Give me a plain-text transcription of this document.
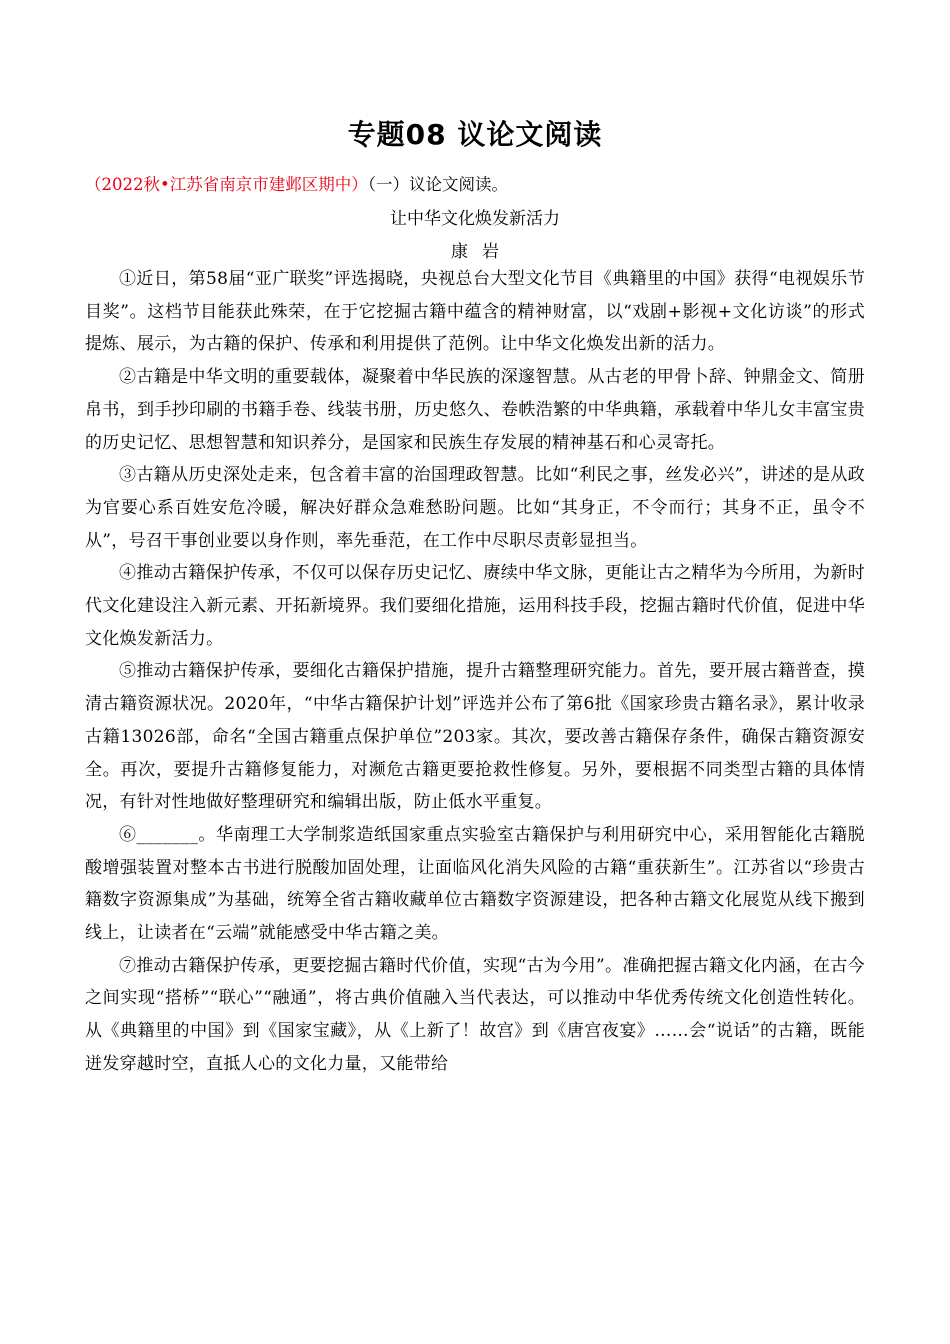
专题08 议论文阅读
（2022秋•江苏省南京市建邺区期中）（一）议论文阅读。
让中华文化焕发新活力
康岩

①近日，第58届“亚广联奖”评选揭晓，央视总台大型文化节目《典籍里的中国》获得“电视娱乐节目奖”。这档节目能获此殊荣，在于它挖掘古籍中蕴含的精神财富，以“戏剧+影视+文化访谈”的形式提炼、展示，为古籍的保护、传承和利用提供了范例。让中华文化焕发出新的活力。

②古籍是中华文明的重要载体，凝聚着中华民族的深邃智慧。从古老的甲骨卜辞、钟鼎金文、简册帛书，到手抄印刷的书籍手卷、线装书册，历史悠久、卷帙浩繁的中华典籍，承载着中华儿女丰富宝贵的历史记忆、思想智慧和知识养分，是国家和民族生存发展的精神基石和心灵寄托。

③古籍从历史深处走来，包含着丰富的治国理政智慧。比如“利民之事，丝发必兴”，讲述的是从政为官要心系百姓安危冷暖，解决好群众急难愁盼问题。比如“其身正，不令而行；其身不正，虽令不从”，号召干事创业要以身作则，率先垂范，在工作中尽职尽责彰显担当。

④推动古籍保护传承，不仅可以保存历史记忆、赓续中华文脉，更能让古之精华为今所用，为新时代文化建设注入新元素、开拓新境界。我们要细化措施，运用科技手段，挖掘古籍时代价值，促进中华文化焕发新活力。

⑤推动古籍保护传承，要细化古籍保护措施，提升古籍整理研究能力。首先，要开展古籍普查，摸清古籍资源状况。2020年，“中华古籍保护计划”评选并公布了第6批《国家珍贵古籍名录》，累计收录古籍13026部，命名“全国古籍重点保护单位”203家。其次，要改善古籍保存条件，确保古籍资源安全。再次，要提升古籍修复能力，对濒危古籍更要抢救性修复。另外，要根据不同类型古籍的具体情况，有针对性地做好整理研究和编辑出版，防止低水平重复。

⑥_______。华南理工大学制浆造纸国家重点实验室古籍保护与利用研究中心，采用智能化古籍脱酸增强装置对整本古书进行脱酸加固处理，让面临风化消失风险的古籍“重获新生”。江苏省以“珍贵古籍数字资源集成”为基础，统筹全省古籍收藏单位古籍数字资源建设，把各种古籍文化展览从线下搬到线上，让读者在“云端”就能感受中华古籍之美。

⑦推动古籍保护传承，更要挖掘古籍时代价值，实现“古为今用”。准确把握古籍文化内涵，在古今之间实现“搭桥”“联心”“融通”，将古典价值融入当代表达，可以推动中华优秀传统文化创造性转化。从《典籍里的中国》到《国家宝藏》，从《上新了！故宫》到《唐宫夜宴》……会“说话”的古籍，既能迸发穿越时空，直抵人心的文化力量，又能带给
